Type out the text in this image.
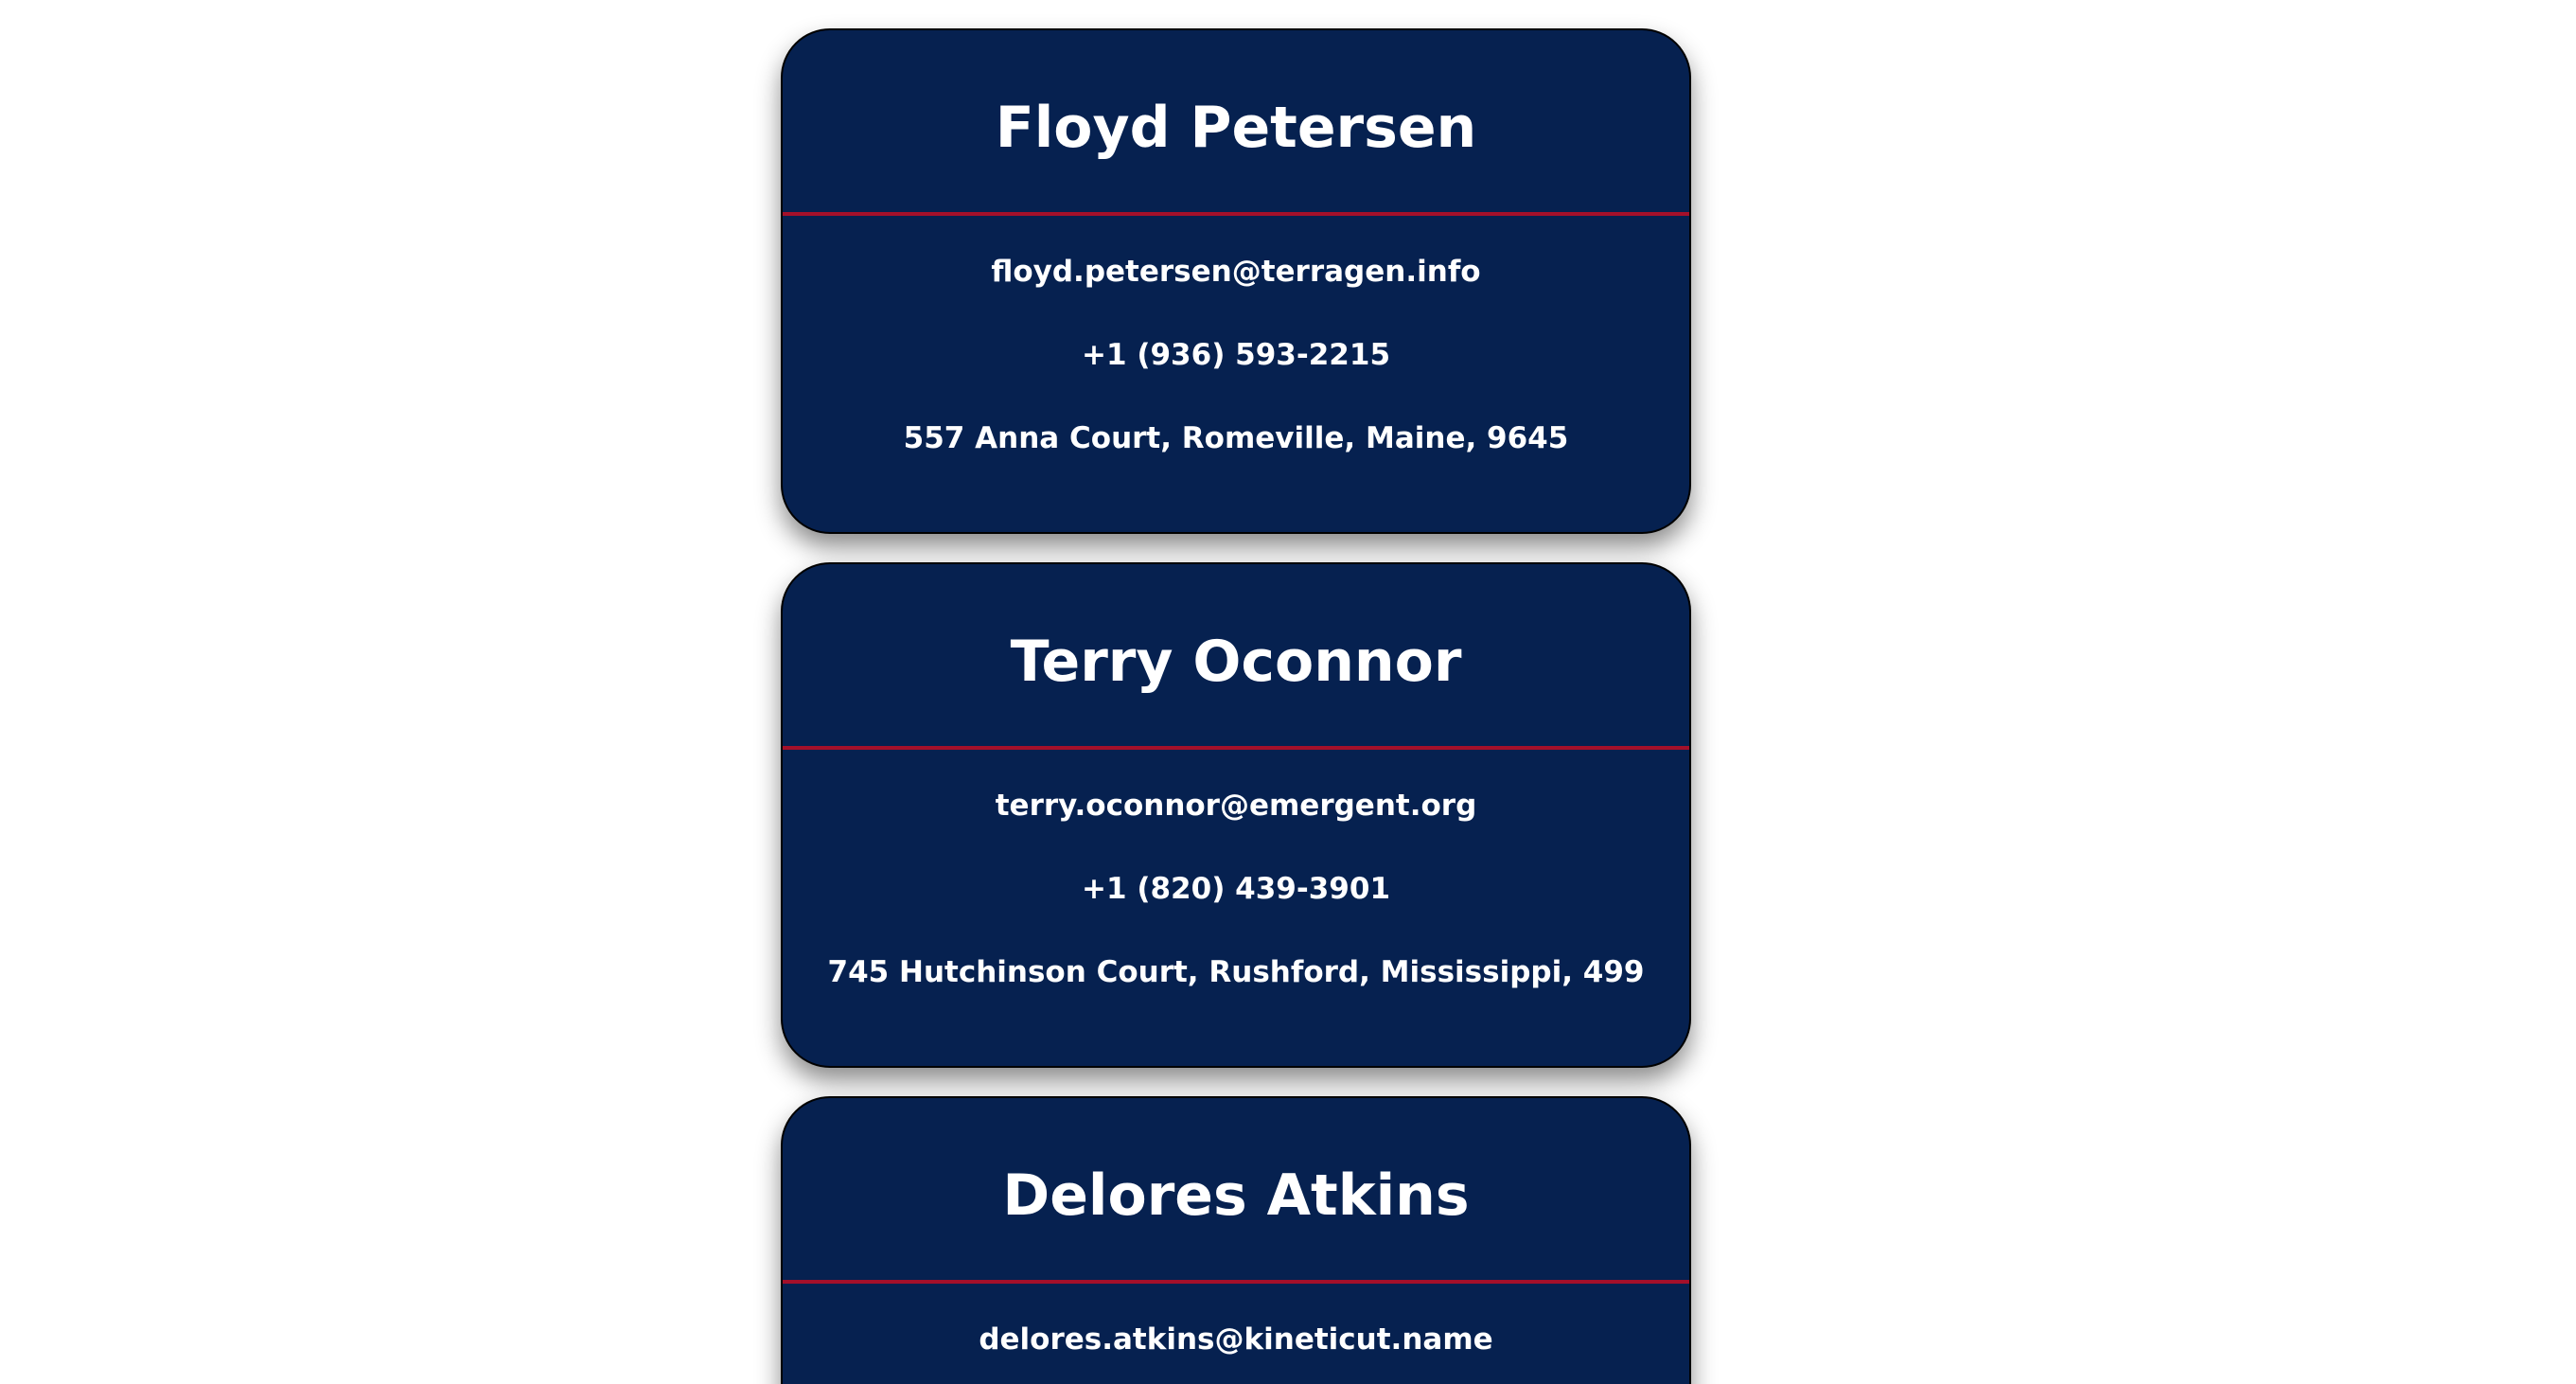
Floyd Petersen
floyd.petersen@terragen.info
+1 (936) 593-2215
557 Anna Court, Romeville, Maine, 9645
Terry Oconnor
terry.oconnor@emergent.org
+1 (820) 439-3901
745 Hutchinson Court, Rushford, Mississippi, 499
Delores Atkins
delores.atkins@kineticut.name
